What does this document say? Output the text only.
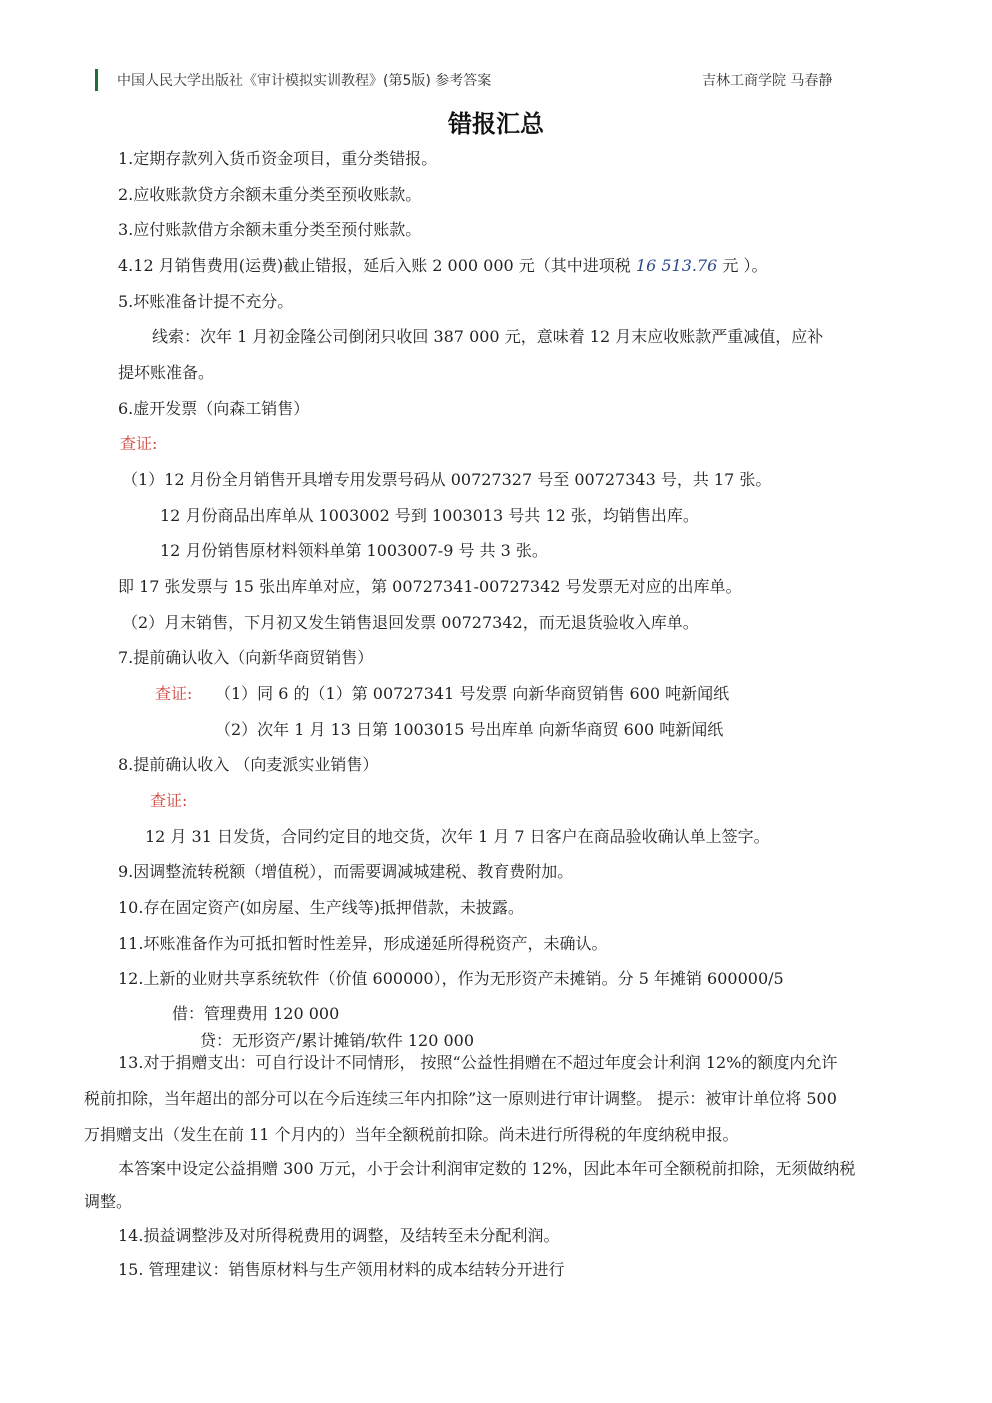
中国人民大学出版社《审计模拟实训教程》(第5版) 参考答案	吉林工商学院 马春静
错报汇总
1.定期存款列入货币资金项目，重分类错报。
2.应收账款贷方余额未重分类至预收账款。
3.应付账款借方余额未重分类至预付账款。
4.12 月销售费用(运费)截止错报，延后入账 2 000 000 元（其中进项税 16 513.76 元 ）。
5.坏账准备计提不充分。
线索：次年 1 月初金隆公司倒闭只收回 387 000 元，意味着 12 月末应收账款严重减值，应补
提坏账准备。
6.虚开发票（向森工销售）
查证:
（1）12 月份全月销售开具增专用发票号码从 00727327 号至 00727343 号，共 17 张。
12 月份商品出库单从 1003002 号到 1003013 号共 12 张，均销售出库。
12 月份销售原材料领料单第 1003007-9 号 共 3 张。
即 17 张发票与 15 张出库单对应，第 00727341-00727342 号发票无对应的出库单。
（2）月末销售，下月初又发生销售退回发票 00727342，而无退货验收入库单。
7.提前确认收入（向新华商贸销售）
查证: （1）同 6 的（1）第 00727341 号发票 向新华商贸销售 600 吨新闻纸
（2）次年 1 月 13 日第 1003015 号出库单 向新华商贸 600 吨新闻纸
8.提前确认收入 （向麦派实业销售）
查证:
12 月 31 日发货，合同约定目的地交货，次年 1 月 7 日客户在商品验收确认单上签字。
9.因调整流转税额（增值税），而需要调减城建税、教育费附加。
10.存在固定资产(如房屋、生产线等)抵押借款，未披露。
11.坏账准备作为可抵扣暂时性差异，形成递延所得税资产，未确认。
12.上新的业财共享系统软件（价值 600000），作为无形资产未摊销。分 5 年摊销 600000/5
借：管理费用 120 000
贷：无形资产/累计摊销/软件 120 000
13.对于捐赠支出：可自行设计不同情形， 按照“公益性捐赠在不超过年度会计利润 12%的额度内允许
税前扣除，当年超出的部分可以在今后连续三年内扣除”这一原则进行审计调整。 提示：被审计单位将 500
万捐赠支出（发生在前 11 个月内的）当年全额税前扣除。尚未进行所得税的年度纳税申报。
本答案中设定公益捐赠 300 万元，小于会计利润审定数的 12%，因此本年可全额税前扣除，无须做纳税
调整。
14.损益调整涉及对所得税费用的调整，及结转至未分配利润。
15. 管理建议：销售原材料与生产领用材料的成本结转分开进行
